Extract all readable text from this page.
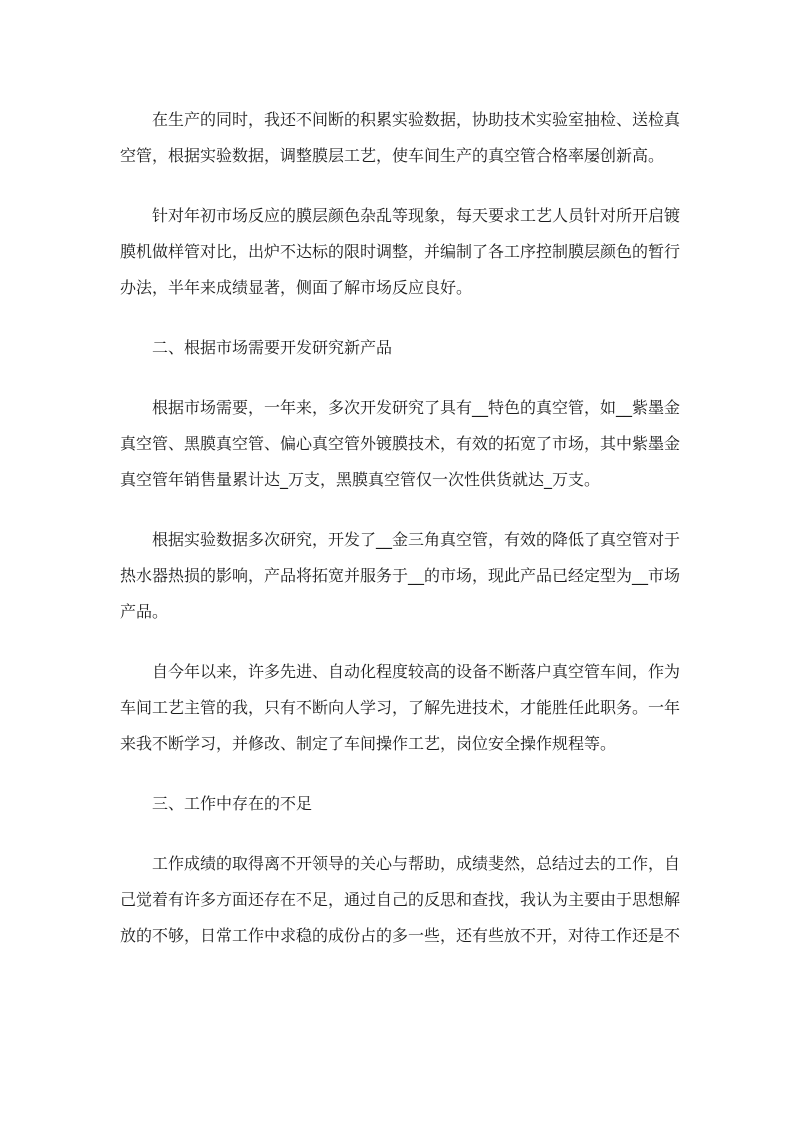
在生产的同时，我还不间断的积累实验数据，协助技术实验室抽检、送检真空管，根据实验数据，调整膜层工艺，使车间生产的真空管合格率屡创新高。

针对年初市场反应的膜层颜色杂乱等现象，每天要求工艺人员针对所开启镀膜机做样管对比，出炉不达标的限时调整，并编制了各工序控制膜层颜色的暂行办法，半年来成绩显著，侧面了解市场反应良好。

二、根据市场需要开发研究新产品

根据市场需要，一年来，多次开发研究了具有__特色的真空管，如__紫墨金真空管、黑膜真空管、偏心真空管外镀膜技术，有效的拓宽了市场，其中紫墨金真空管年销售量累计达_万支，黑膜真空管仅一次性供货就达_万支。

根据实验数据多次研究，开发了__金三角真空管，有效的降低了真空管对于热水器热损的影响，产品将拓宽并服务于__的市场，现此产品已经定型为__市场产品。

自今年以来，许多先进、自动化程度较高的设备不断落户真空管车间，作为车间工艺主管的我，只有不断向人学习，了解先进技术，才能胜任此职务。一年来我不断学习，并修改、制定了车间操作工艺，岗位安全操作规程等。

三、工作中存在的不足

工作成绩的取得离不开领导的关心与帮助，成绩斐然，总结过去的工作，自己觉着有许多方面还存在不足，通过自己的反思和查找，我认为主要由于思想解放的不够，日常工作中求稳的成份占的多一些，还有些放不开，对待工作还是不
